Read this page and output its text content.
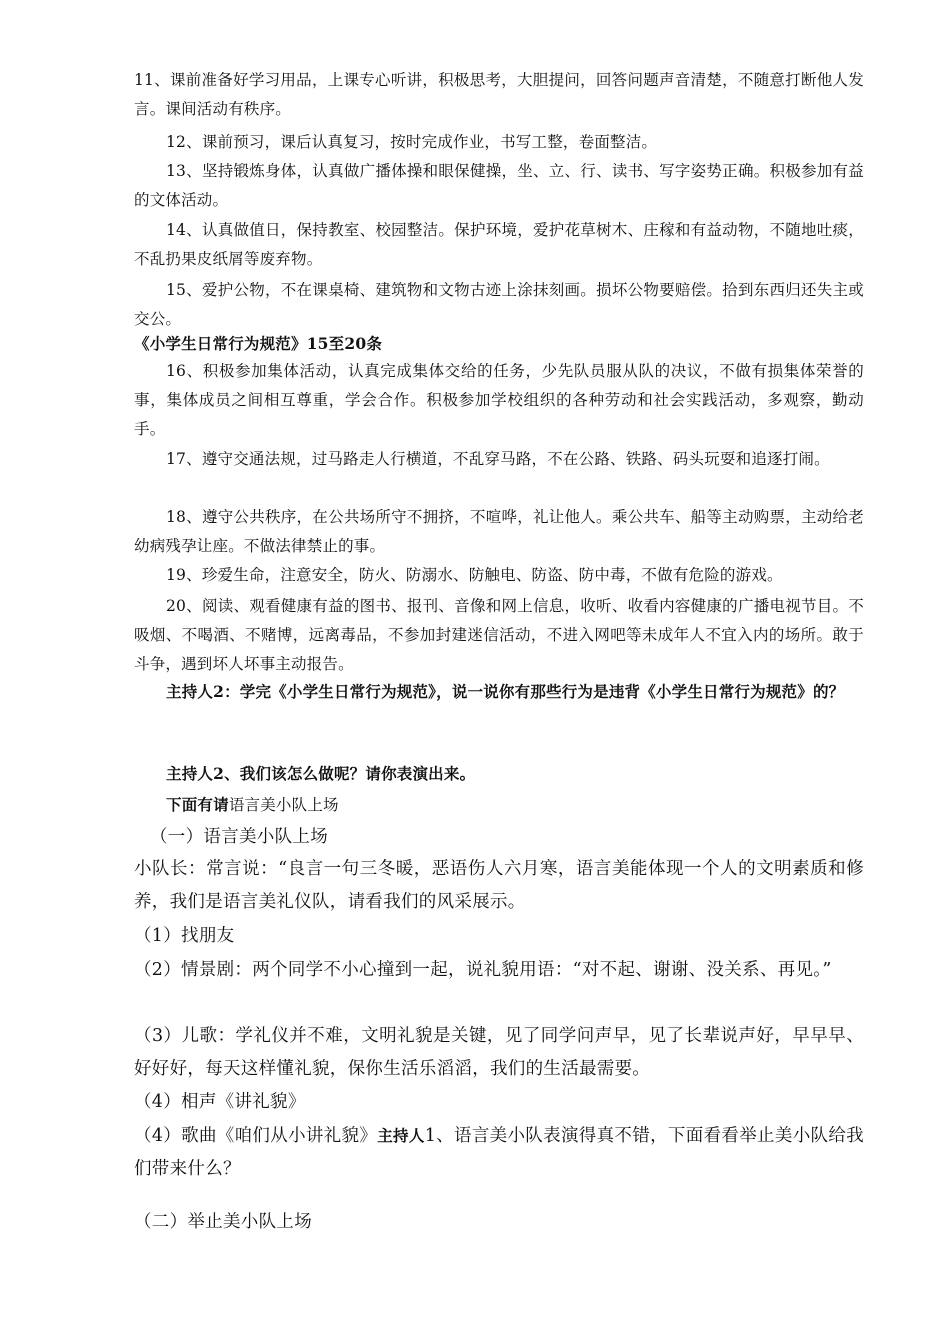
11、课前准备好学习用品，上课专心听讲，积极思考，大胆提问，回答问题声音清楚，不随意打断他人发言。课间活动有秩序。

12、课前预习，课后认真复习，按时完成作业，书写工整，卷面整洁。

13、坚持锻炼身体，认真做广播体操和眼保健操，坐、立、行、读书、写字姿势正确。积极参加有益的文体活动。

14、认真做值日，保持教室、校园整洁。保护环境，爱护花草树木、庄稼和有益动物，不随地吐痰，不乱扔果皮纸屑等废弃物。

15、爱护公物，不在课桌椅、建筑物和文物古迹上涂抹刻画。损坏公物要赔偿。拾到东西归还失主或交公。

《小学生日常行为规范》15至20条

16、积极参加集体活动，认真完成集体交给的任务，少先队员服从队的决议，不做有损集体荣誉的事，集体成员之间相互尊重，学会合作。积极参加学校组织的各种劳动和社会实践活动，多观察，勤动手。

17、遵守交通法规，过马路走人行横道，不乱穿马路，不在公路、铁路、码头玩耍和追逐打闹。

18、遵守公共秩序，在公共场所守不拥挤，不喧哗，礼让他人。乘公共车、船等主动购票，主动给老幼病残孕让座。不做法律禁止的事。

19、珍爱生命，注意安全，防火、防溺水、防触电、防盗、防中毒，不做有危险的游戏。

20、阅读、观看健康有益的图书、报刊、音像和网上信息，收听、收看内容健康的广播电视节目。不吸烟、不喝酒、不赌博，远离毒品，不参加封建迷信活动，不进入网吧等未成年人不宜入内的场所。敢于斗争，遇到坏人坏事主动报告。

主持人2：学完《小学生日常行为规范》，说一说你有那些行为是违背《小学生日常行为规范》的？

主持人2、我们该怎么做呢？请你表演出来。

下面有请语言美小队上场

（一）语言美小队上场

小队长：常言说：“良言一句三冬暖，恶语伤人六月寒，语言美能体现一个人的文明素质和修养，我们是语言美礼仪队，请看我们的风采展示。

（1）找朋友

（2）情景剧：两个同学不小心撞到一起，说礼貌用语：“对不起、谢谢、没关系、再见。”

（3）儿歌：学礼仪并不难，文明礼貌是关键，见了同学问声早，见了长辈说声好，早早早、好好好，每天这样懂礼貌，保你生活乐滔滔，我们的生活最需要。

（4）相声《讲礼貌》

（4）歌曲《咱们从小讲礼貌》主持人1、语言美小队表演得真不错，下面看看举止美小队给我们带来什么？

（二）举止美小队上场
